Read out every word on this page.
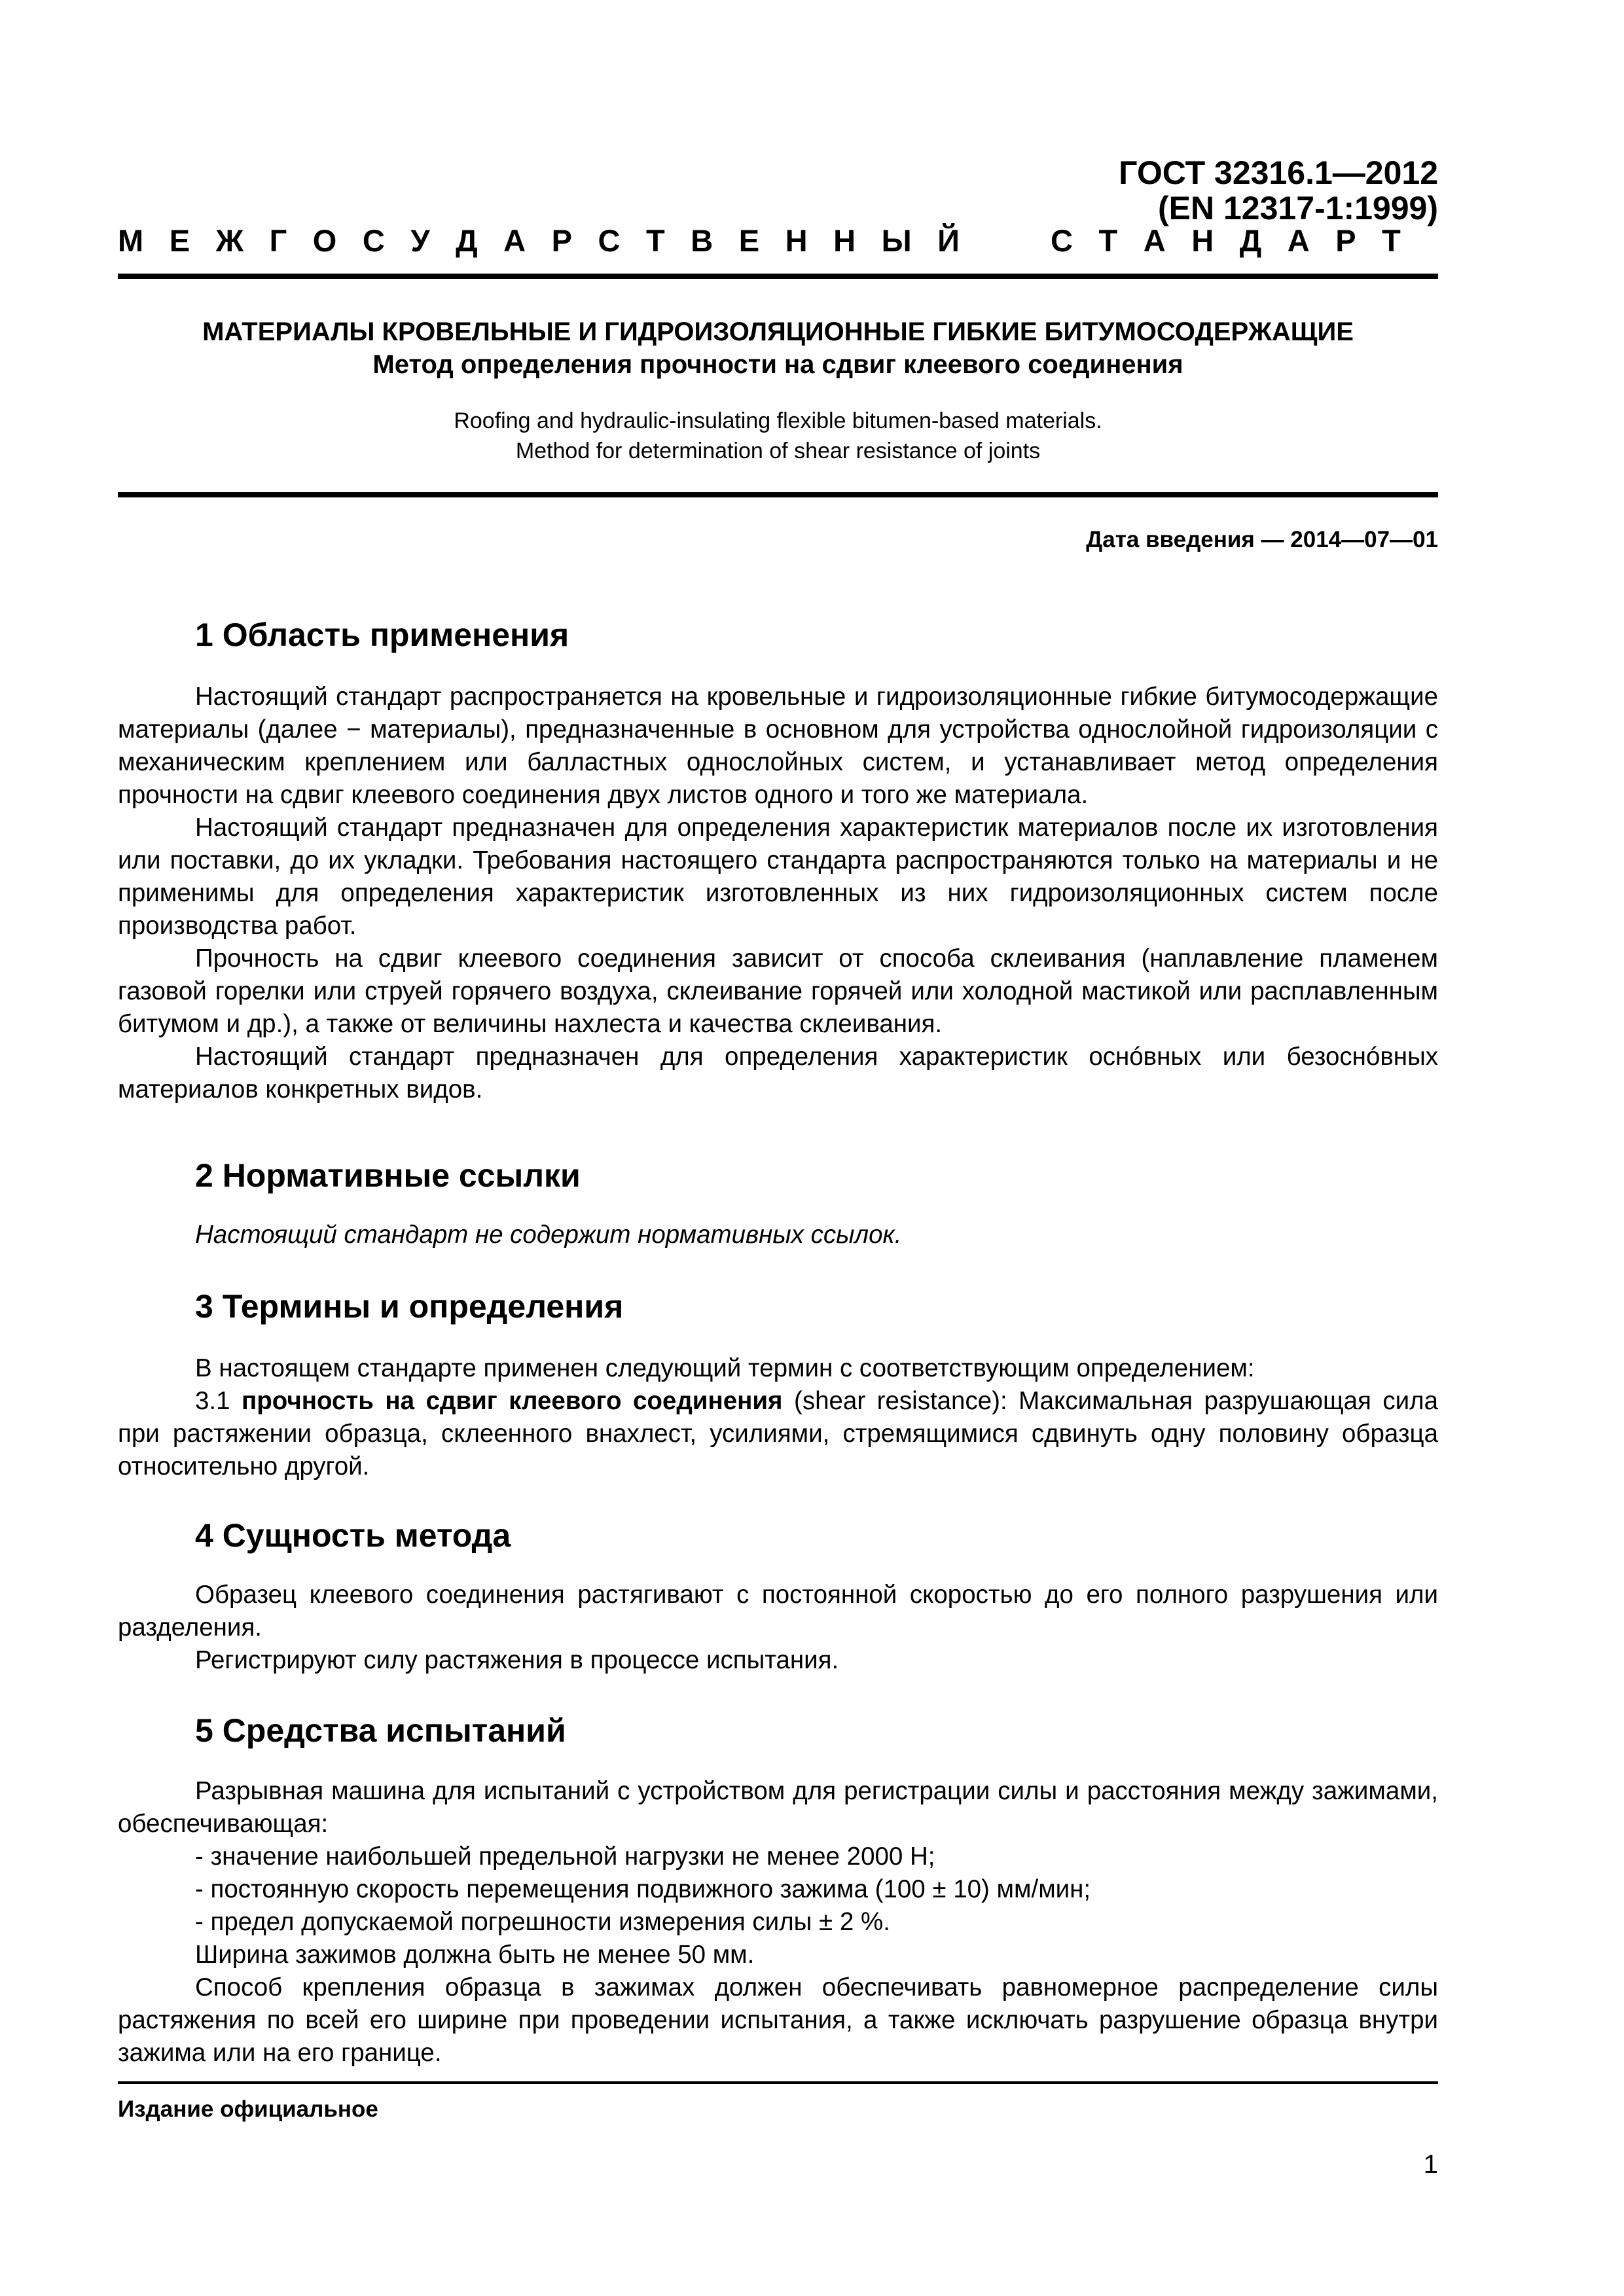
ГОСТ 32316.1—2012
(EN 12317-1:1999)
М Е Ж Г О С У Д А Р С Т В Е Н Н Ы Й	С Т А Н Д А Р Т
МАТЕРИАЛЫ КРОВЕЛЬНЫЕ И ГИДРОИЗОЛЯЦИОННЫЕ ГИБКИЕ БИТУМОСОДЕРЖАЩИЕ
Метод определения прочности на сдвиг клеевого соединения
Roofing and hydraulic-insulating flexible bitumen-based materials.
Method for determination of shear resistance of joints
Дата введения — 2014—07—01
1 Область применения

Настоящий стандарт распространяется на кровельные и гидроизоляционные гибкие битумосодержащие материалы (далее − материалы), предназначенные в основном для устройства однослойной гидроизоляции с механическим креплением или балластных однослойных систем, и устанавливает метод определения прочности на сдвиг клеевого соединения двух листов одного и того же материала.

Настоящий стандарт предназначен для определения характеристик материалов после их изготовления или поставки, до их укладки. Требования настоящего стандарта распространяются только на материалы и не применимы для определения характеристик изготовленных из них гидроизоляционных систем после производства работ.

Прочность на сдвиг клеевого соединения зависит от способа склеивания (наплавление пламенем газовой горелки или струей горячего воздуха, склеивание горячей или холодной мастикой или расплавленным битумом и др.), а также от величины нахлеста и качества склеивания.

Настоящий стандарт предназначен для определения характеристик оснóвных или безоснóвных материалов конкретных видов.

2 Нормативные ссылки

Настоящий стандарт не содержит нормативных ссылок.

3 Термины и определения

В настоящем стандарте применен следующий термин с соответствующим определением:

3.1 прочность на сдвиг клеевого соединения (shear resistance): Максимальная разрушающая сила при растяжении образца, склеенного внахлест, усилиями, стремящимися сдвинуть одну половину образца относительно другой.

4 Сущность метода

Образец клеевого соединения растягивают с постоянной скоростью до его полного разрушения или разделения.

Регистрируют силу растяжения в процессе испытания.

5 Средства испытаний

Разрывная машина для испытаний с устройством для регистрации силы и расстояния между зажимами, обеспечивающая:

- значение наибольшей предельной нагрузки не менее 2000 Н;

- постоянную скорость перемещения подвижного зажима (100 ± 10) мм/мин;

- предел допускаемой погрешности измерения силы ± 2 %.

Ширина зажимов должна быть не менее 50 мм.

Способ крепления образца в зажимах должен обеспечивать равномерное распределение силы растяжения по всей его ширине при проведении испытания, а также исключать разрушение образца внутри зажима или на его границе.

Издание официальное
1
